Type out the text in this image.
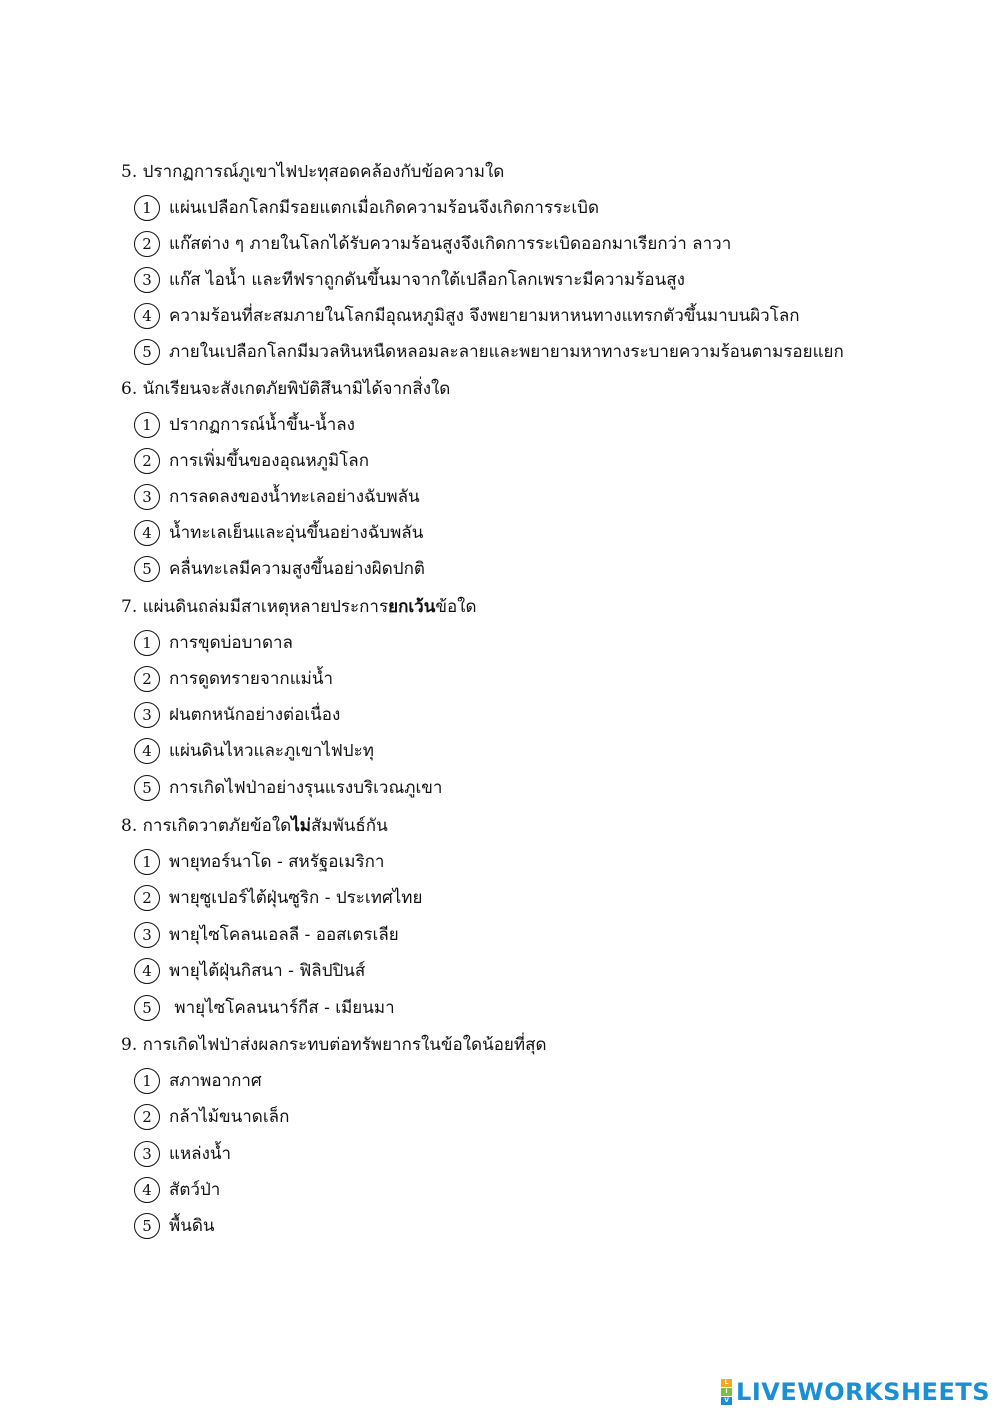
5. ปรากฏการณ์ภูเขาไฟปะทุสอดคล้องกับข้อความใด
1	แผ่นเปลือกโลกมีรอยแตกเมื่อเกิดความร้อนจึงเกิดการระเบิด
2	แก๊สต่าง ๆ ภายในโลกได้รับความร้อนสูงจึงเกิดการระเบิดออกมาเรียกว่า ลาวา
3	แก๊ส ไอน้ำ และทีฟราถูกดันขึ้นมาจากใต้เปลือกโลกเพราะมีความร้อนสูง
4	ความร้อนที่สะสมภายในโลกมีอุณหภูมิสูง จึงพยายามหาหนทางแทรกตัวขึ้นมาบนผิวโลก
5	ภายในเปลือกโลกมีมวลหินหนืดหลอมละลายและพยายามหาทางระบายความร้อนตามรอยแยก
6. นักเรียนจะสังเกตภัยพิบัติสึนามิได้จากสิ่งใด
1	ปรากฏการณ์น้ำขึ้น-น้ำลง
2	การเพิ่มขึ้นของอุณหภูมิโลก
3	การลดลงของน้ำทะเลอย่างฉับพลัน
4	น้ำทะเลเย็นและอุ่นขึ้นอย่างฉับพลัน
5	คลื่นทะเลมีความสูงขึ้นอย่างผิดปกติ
7. แผ่นดินถล่มมีสาเหตุหลายประการยกเว้นข้อใด
1	การขุดบ่อบาดาล
2	การดูดทรายจากแม่น้ำ
3	ฝนตกหนักอย่างต่อเนื่อง
4	แผ่นดินไหวและภูเขาไฟปะทุ
5	การเกิดไฟป่าอย่างรุนแรงบริเวณภูเขา
8. การเกิดวาตภัยข้อใดไม่สัมพันธ์กัน
1	พายุทอร์นาโด - สหรัฐอเมริกา
2	พายุซูเปอร์ไต้ฝุ่นซูริก - ประเทศไทย
3	พายุไซโคลนเอลลี - ออสเตรเลีย
4	พายุไต้ฝุ่นกิสนา - ฟิลิปปินส์
5	พายุไซโคลนนาร์กีส - เมียนมา
9. การเกิดไฟป่าส่งผลกระทบต่อทรัพยากรในข้อใดน้อยที่สุด
1	สภาพอากาศ
2	กล้าไม้ขนาดเล็ก
3	แหล่งน้ำ
4	สัตว์ป่า
5	พื้นดิน
L
I
V LIVEWORKSHEETS
